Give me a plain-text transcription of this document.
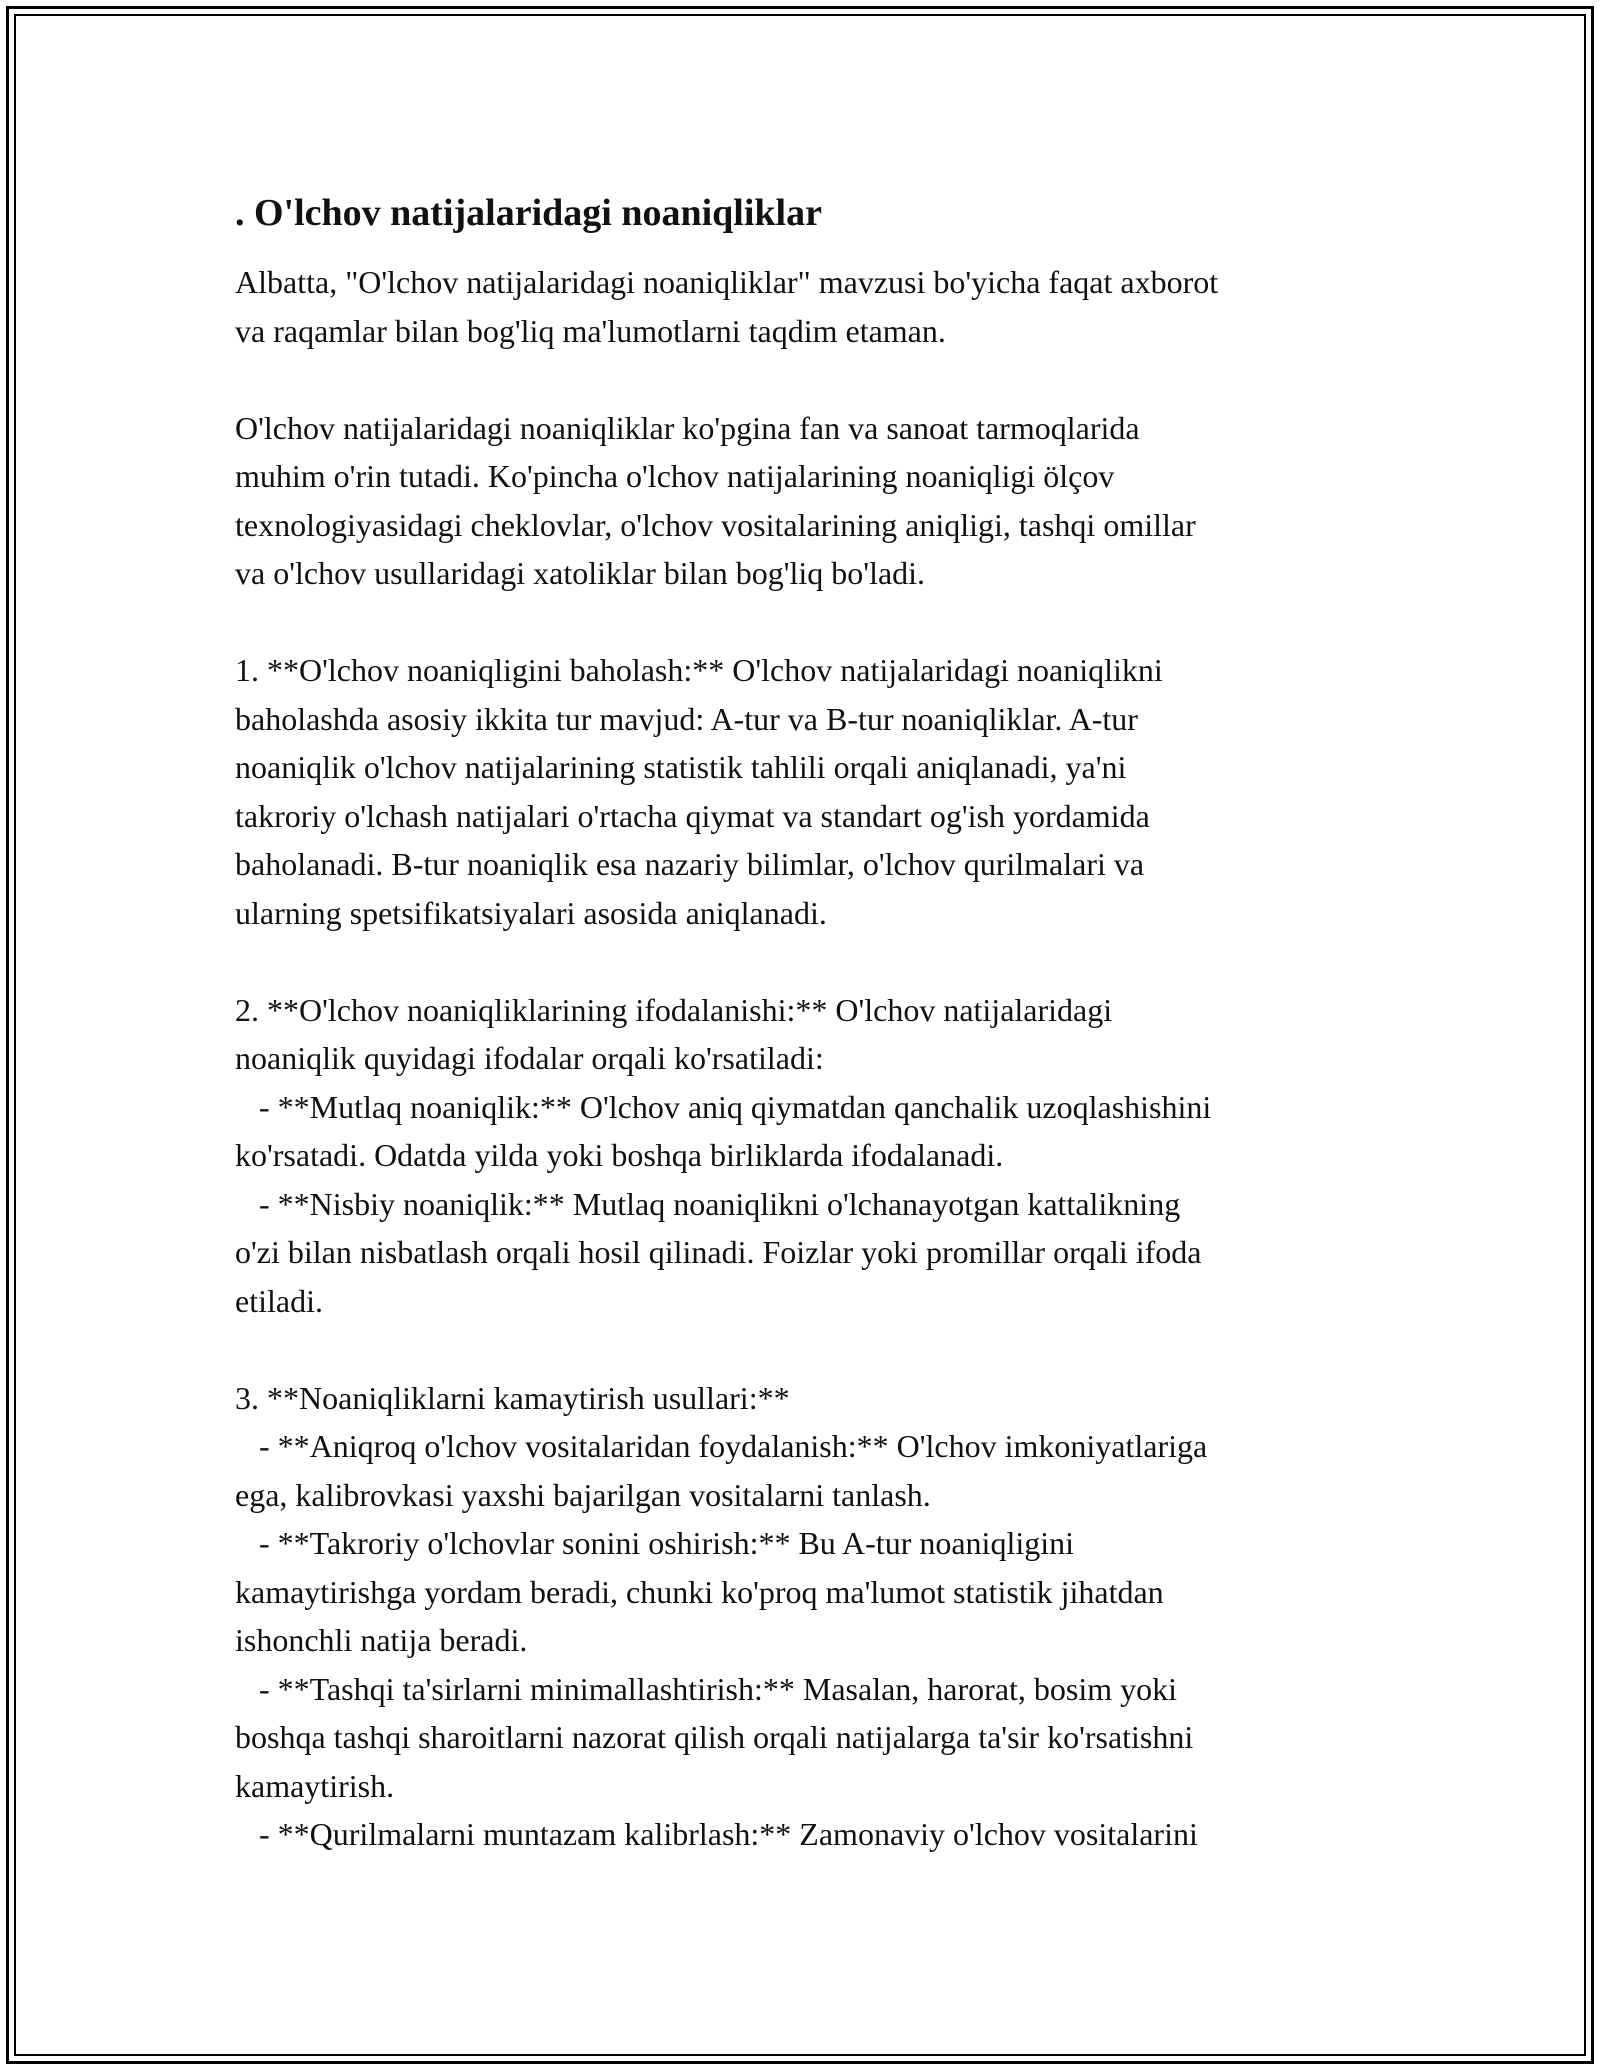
. O'lchov natijalaridagi noaniqliklar
Albatta, "O'lchov natijalaridagi noaniqliklar" mavzusi bo'yicha faqat axborot
va raqamlar bilan bog'liq ma'lumotlarni taqdim etaman.
O'lchov natijalaridagi noaniqliklar ko'pgina fan va sanoat tarmoqlarida
muhim o'rin tutadi. Ko'pincha o'lchov natijalarining noaniqligi ölçov
texnologiyasidagi cheklovlar, o'lchov vositalarining aniqligi, tashqi omillar
va o'lchov usullaridagi xatoliklar bilan bog'liq bo'ladi.
1. **O'lchov noaniqligini baholash:** O'lchov natijalaridagi noaniqlikni
baholashda asosiy ikkita tur mavjud: A-tur va B-tur noaniqliklar. A-tur
noaniqlik o'lchov natijalarining statistik tahlili orqali aniqlanadi, ya'ni
takroriy o'lchash natijalari o'rtacha qiymat va standart og'ish yordamida
baholanadi. B-tur noaniqlik esa nazariy bilimlar, o'lchov qurilmalari va
ularning spetsifikatsiyalari asosida aniqlanadi.
2. **O'lchov noaniqliklarining ifodalanishi:** O'lchov natijalaridagi
noaniqlik quyidagi ifodalar orqali ko'rsatiladi:
- **Mutlaq noaniqlik:** O'lchov aniq qiymatdan qanchalik uzoqlashishini
ko'rsatadi. Odatda yilda yoki boshqa birliklarda ifodalanadi.
- **Nisbiy noaniqlik:** Mutlaq noaniqlikni o'lchanayotgan kattalikning
o'zi bilan nisbatlash orqali hosil qilinadi. Foizlar yoki promillar orqali ifoda
etiladi.
3. **Noaniqliklarni kamaytirish usullari:**
- **Aniqroq o'lchov vositalaridan foydalanish:** O'lchov imkoniyatlariga
ega, kalibrovkasi yaxshi bajarilgan vositalarni tanlash.
- **Takroriy o'lchovlar sonini oshirish:** Bu A-tur noaniqligini
kamaytirishga yordam beradi, chunki ko'proq ma'lumot statistik jihatdan
ishonchli natija beradi.
- **Tashqi ta'sirlarni minimallashtirish:** Masalan, harorat, bosim yoki
boshqa tashqi sharoitlarni nazorat qilish orqali natijalarga ta'sir ko'rsatishni
kamaytirish.
- **Qurilmalarni muntazam kalibrlash:** Zamonaviy o'lchov vositalarini
